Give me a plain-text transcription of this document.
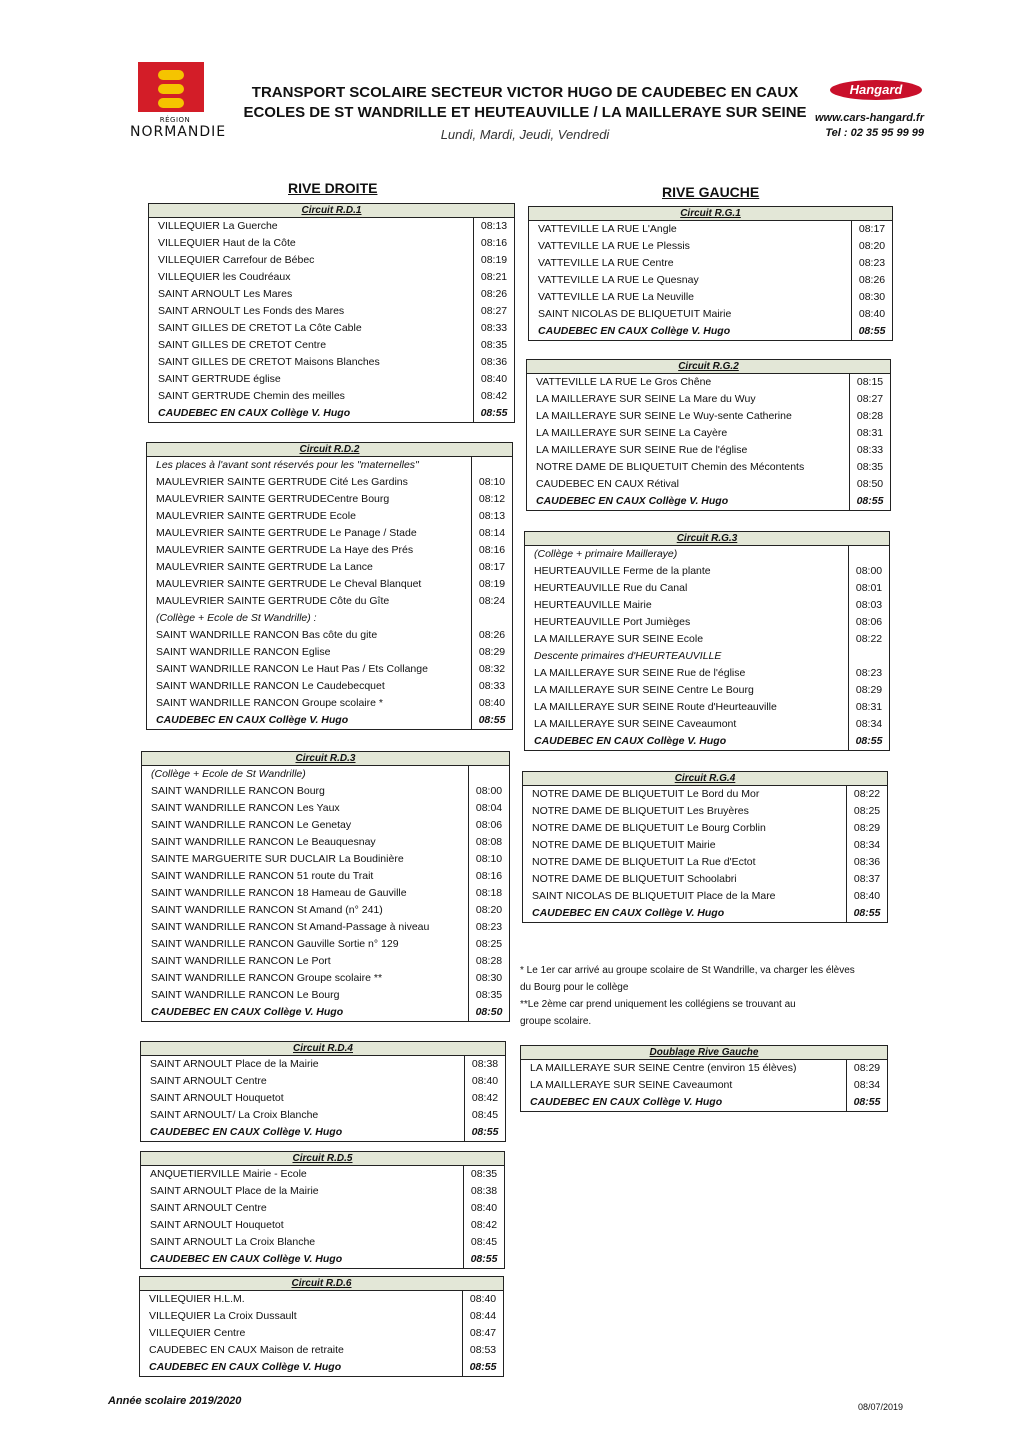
RÉGION
NORMANDIE
TRANSPORT SCOLAIRE SECTEUR VICTOR HUGO DE CAUDEBEC EN CAUX
ECOLES DE ST WANDRILLE ET HEUTEAUVILLE / LA MAILLERAYE SUR SEINE
Lundi, Mardi, Jeudi, Vendredi
Hangard
www.cars-hangard.fr
Tel : 02 35 95 99 99
RIVE DROITE	RIVE GAUCHE
Circuit R.D.1
VILLEQUIER La Guerche	08:13
VILLEQUIER Haut de la Côte	08:16
VILLEQUIER Carrefour de Bébec	08:19
VILLEQUIER les Coudréaux	08:21
SAINT ARNOULT Les Mares	08:26
SAINT ARNOULT Les Fonds des Mares	08:27
SAINT GILLES DE CRETOT La Côte Cable	08:33
SAINT GILLES DE CRETOT Centre	08:35
SAINT GILLES DE CRETOT Maisons Blanches	08:36
SAINT GERTRUDE église	08:40
SAINT GERTRUDE Chemin des meilles	08:42
CAUDEBEC EN CAUX Collège V. Hugo	08:55
Circuit R.D.2
Les places à l'avant sont réservés pour les "maternelles"
MAULEVRIER SAINTE GERTRUDE Cité Les Gardins	08:10
MAULEVRIER SAINTE GERTRUDECentre Bourg	08:12
MAULEVRIER SAINTE GERTRUDE Ecole	08:13
MAULEVRIER SAINTE GERTRUDE Le Panage / Stade	08:14
MAULEVRIER SAINTE GERTRUDE La Haye des Prés	08:16
MAULEVRIER SAINTE GERTRUDE La Lance	08:17
MAULEVRIER SAINTE GERTRUDE Le Cheval Blanquet	08:19
MAULEVRIER SAINTE GERTRUDE Côte du Gîte	08:24
(Collège + Ecole de St Wandrille) :
SAINT WANDRILLE RANCON Bas côte du gite	08:26
SAINT WANDRILLE RANCON Eglise	08:29
SAINT WANDRILLE RANCON Le Haut Pas / Ets Collange	08:32
SAINT WANDRILLE RANCON Le Caudebecquet	08:33
SAINT WANDRILLE RANCON Groupe scolaire *	08:40
CAUDEBEC EN CAUX Collège V. Hugo	08:55
Circuit R.D.3
(Collège + Ecole de St Wandrille)
SAINT WANDRILLE RANCON Bourg	08:00
SAINT WANDRILLE RANCON Les Yaux	08:04
SAINT WANDRILLE RANCON Le Genetay	08:06
SAINT WANDRILLE RANCON Le Beauquesnay	08:08
SAINTE MARGUERITE SUR DUCLAIR La Boudinière	08:10
SAINT WANDRILLE RANCON 51 route du Trait	08:16
SAINT WANDRILLE RANCON 18 Hameau de Gauville	08:18
SAINT WANDRILLE RANCON St Amand (n° 241)	08:20
SAINT WANDRILLE RANCON St Amand-Passage à niveau	08:23
SAINT WANDRILLE RANCON Gauville Sortie n° 129	08:25
SAINT WANDRILLE RANCON Le Port	08:28
SAINT WANDRILLE RANCON Groupe scolaire **	08:30
SAINT WANDRILLE RANCON Le Bourg	08:35
CAUDEBEC EN CAUX Collège V. Hugo	08:50
Circuit R.D.4
SAINT ARNOULT Place de la Mairie	08:38
SAINT ARNOULT Centre	08:40
SAINT ARNOULT Houquetot	08:42
SAINT ARNOULT/ La Croix Blanche	08:45
CAUDEBEC EN CAUX Collège V. Hugo	08:55
Circuit R.D.5
ANQUETIERVILLE Mairie - Ecole	08:35
SAINT ARNOULT Place de la Mairie	08:38
SAINT ARNOULT Centre	08:40
SAINT ARNOULT Houquetot	08:42
SAINT ARNOULT La Croix Blanche	08:45
CAUDEBEC EN CAUX Collège V. Hugo	08:55
Circuit R.D.6
VILLEQUIER H.L.M.	08:40
VILLEQUIER La Croix Dussault	08:44
VILLEQUIER Centre	08:47
CAUDEBEC EN CAUX Maison de retraite	08:53
CAUDEBEC EN CAUX Collège V. Hugo	08:55
Circuit R.G.1
VATTEVILLE LA RUE L'Angle	08:17
VATTEVILLE LA RUE Le Plessis	08:20
VATTEVILLE LA RUE Centre	08:23
VATTEVILLE LA RUE Le Quesnay	08:26
VATTEVILLE LA RUE La Neuville	08:30
SAINT NICOLAS DE BLIQUETUIT Mairie	08:40
CAUDEBEC EN CAUX Collège V. Hugo	08:55
Circuit R.G.2
VATTEVILLE LA RUE Le Gros Chêne	08:15
LA MAILLERAYE SUR SEINE La Mare du Wuy	08:27
LA MAILLERAYE SUR SEINE Le Wuy-sente Catherine	08:28
LA MAILLERAYE SUR SEINE La Cayère	08:31
LA MAILLERAYE SUR SEINE Rue de l'église	08:33
NOTRE DAME DE BLIQUETUIT Chemin des Mécontents	08:35
CAUDEBEC EN CAUX Rétival	08:50
CAUDEBEC EN CAUX Collège V. Hugo	08:55
Circuit R.G.3
(Collège + primaire Mailleraye)
HEURTEAUVILLE Ferme de la plante	08:00
HEURTEAUVILLE Rue du Canal	08:01
HEURTEAUVILLE Mairie	08:03
HEURTEAUVILLE Port Jumièges	08:06
LA MAILLERAYE SUR SEINE Ecole	08:22
Descente primaires d'HEURTEAUVILLE
LA MAILLERAYE SUR SEINE Rue de l'église	08:23
LA MAILLERAYE SUR SEINE Centre Le Bourg	08:29
LA MAILLERAYE SUR SEINE Route d'Heurteauville	08:31
LA MAILLERAYE SUR SEINE Caveaumont	08:34
CAUDEBEC EN CAUX Collège V. Hugo	08:55
Circuit R.G.4
NOTRE DAME DE BLIQUETUIT Le Bord du Mor	08:22
NOTRE DAME DE BLIQUETUIT Les Bruyères	08:25
NOTRE DAME DE BLIQUETUIT Le Bourg Corblin	08:29
NOTRE DAME DE BLIQUETUIT Mairie	08:34
NOTRE DAME DE BLIQUETUIT La Rue d'Ectot	08:36
NOTRE DAME DE BLIQUETUIT Schoolabri	08:37
SAINT NICOLAS DE BLIQUETUIT Place de la Mare	08:40
CAUDEBEC EN CAUX Collège V. Hugo	08:55
Doublage Rive Gauche
LA MAILLERAYE SUR SEINE Centre (environ 15 élèves)	08:29
LA MAILLERAYE SUR SEINE Caveaumont	08:34
CAUDEBEC EN CAUX Collège V. Hugo	08:55
* Le 1er car arrivé au groupe scolaire de St Wandrille, va charger les élèves
du Bourg pour le collège
**Le 2ème car prend uniquement les collégiens se trouvant au
groupe scolaire.
Année scolaire 2019/2020	08/07/2019
